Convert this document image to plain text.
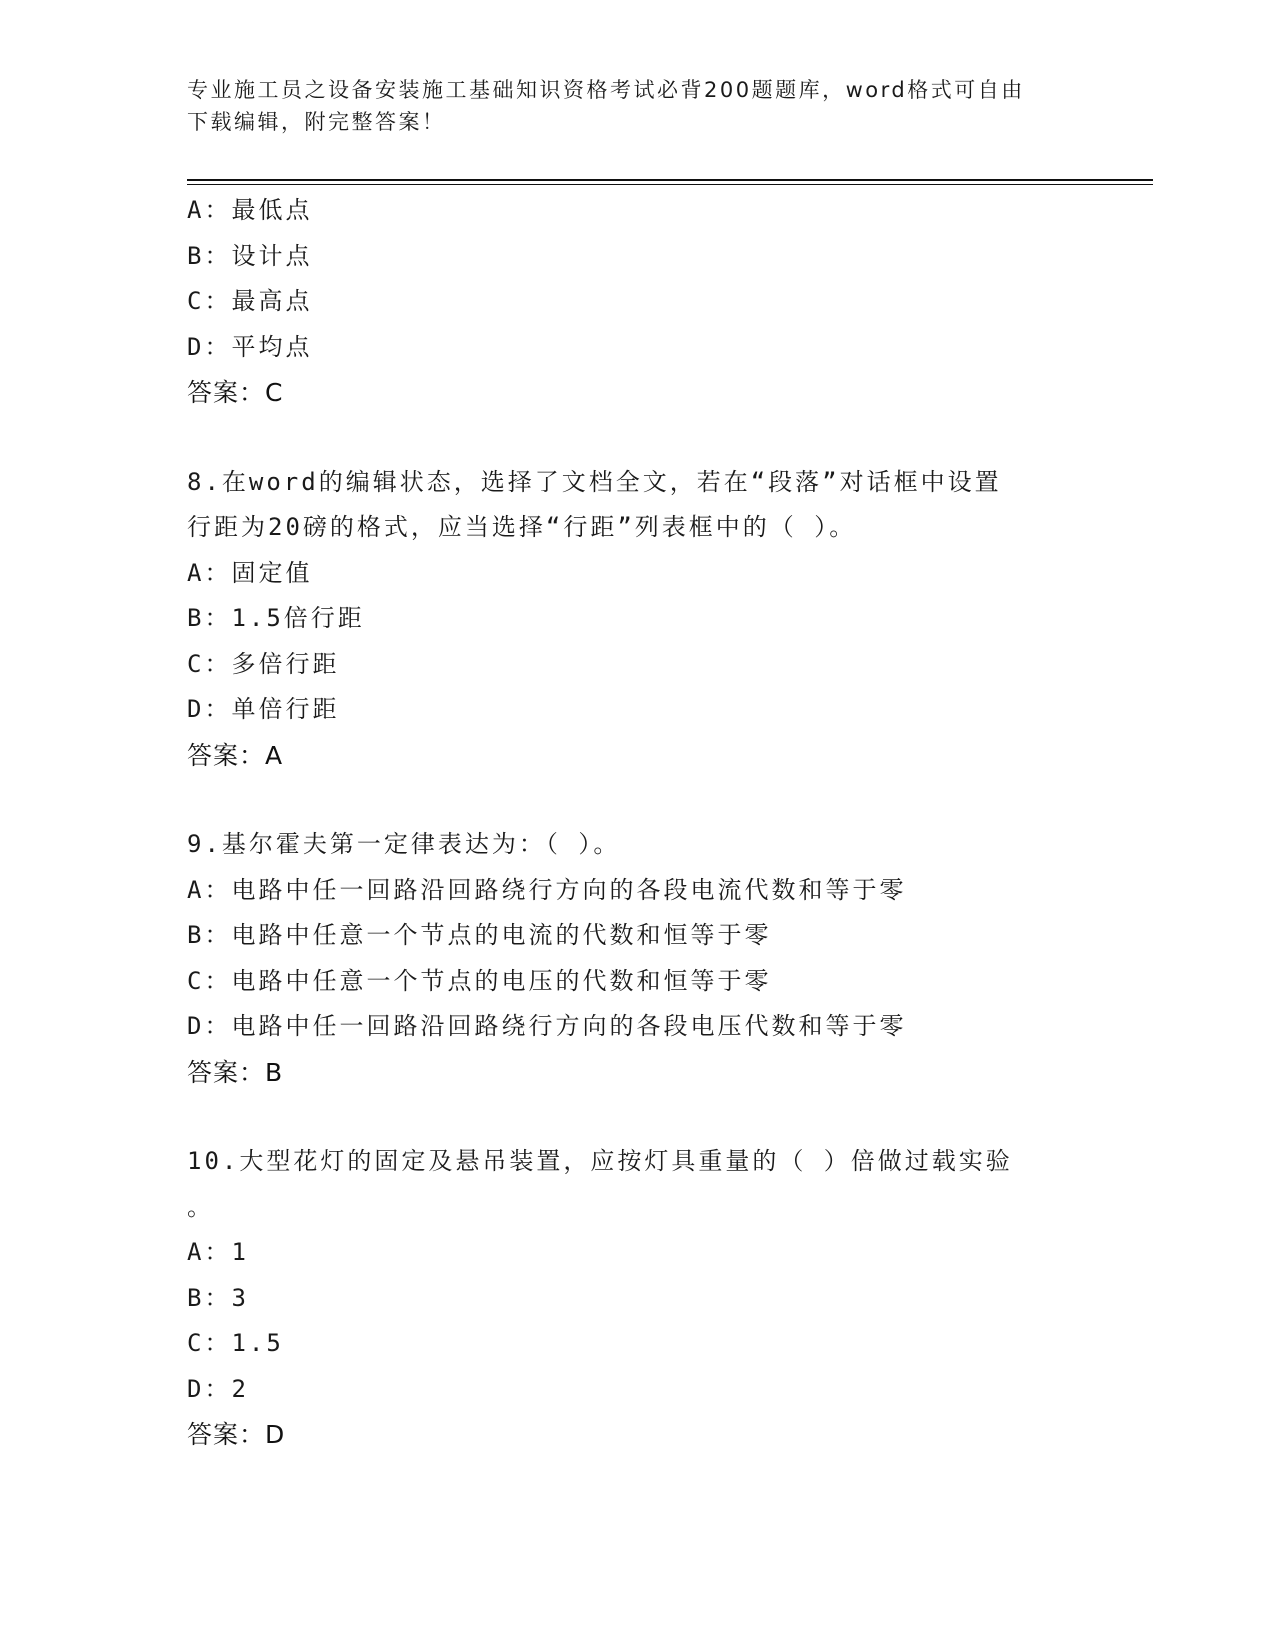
专业施工员之设备安装施工基础知识资格考试必背200题题库，word格式可自由
下载编辑，附完整答案！
A：最低点
B：设计点
C：最高点
D：平均点
答案：C
8.在word的编辑状态，选择了文档全文，若在“段落”对话框中设置
行距为20磅的格式，应当选择“行距”列表框中的（ ）。
A：固定值
B：1.5倍行距
C：多倍行距
D：单倍行距
答案：A
9.基尔霍夫第一定律表达为：（ ）。
A：电路中任一回路沿回路绕行方向的各段电流代数和等于零
B：电路中任意一个节点的电流的代数和恒等于零
C：电路中任意一个节点的电压的代数和恒等于零
D：电路中任一回路沿回路绕行方向的各段电压代数和等于零
答案：B
10.大型花灯的固定及悬吊装置，应按灯具重量的（ ）倍做过载实验
。
A：1
B：3
C：1.5
D：2
答案：D
